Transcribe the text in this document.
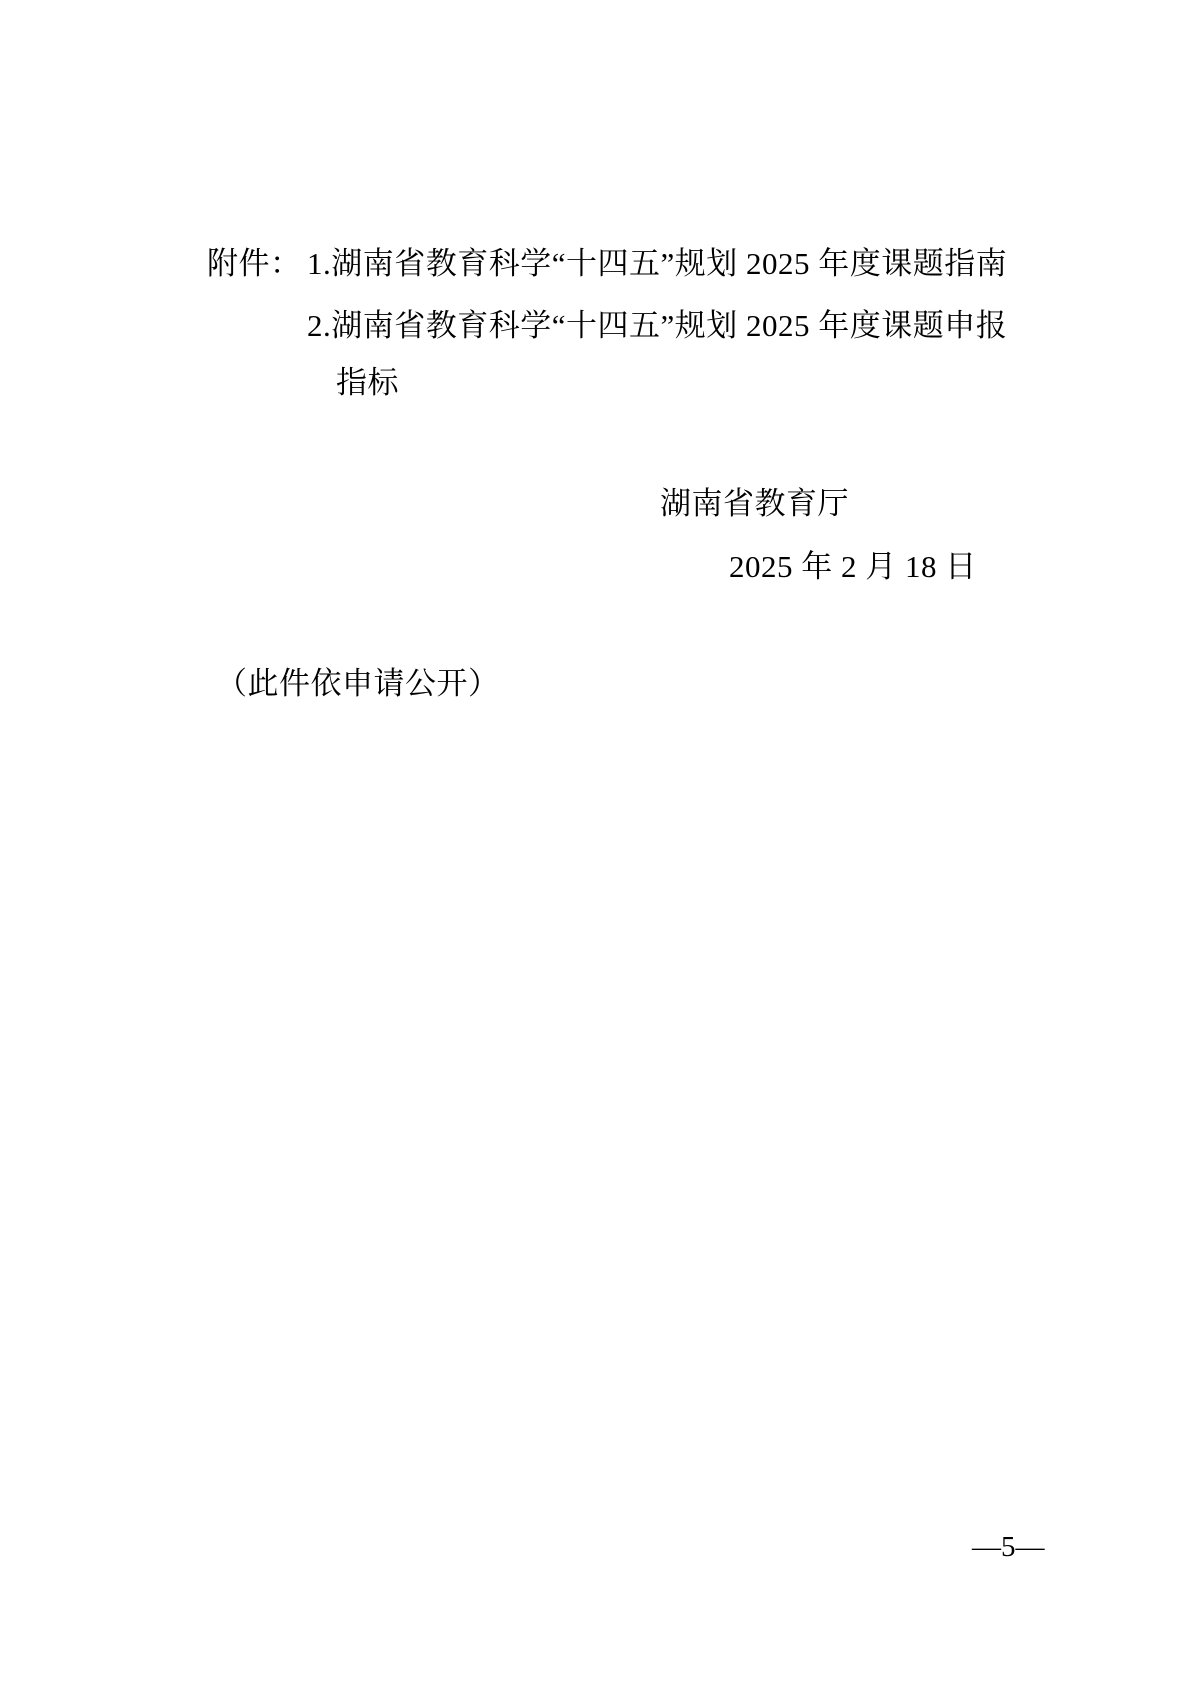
附件： 1.湖南省教育科学“十四五”规划 2025 年度课题指南
2.湖南省教育科学“十四五”规划 2025 年度课题申报
指标
湖南省教育厅
2025 年 2 月 18 日
（此件依申请公开）
—5—
